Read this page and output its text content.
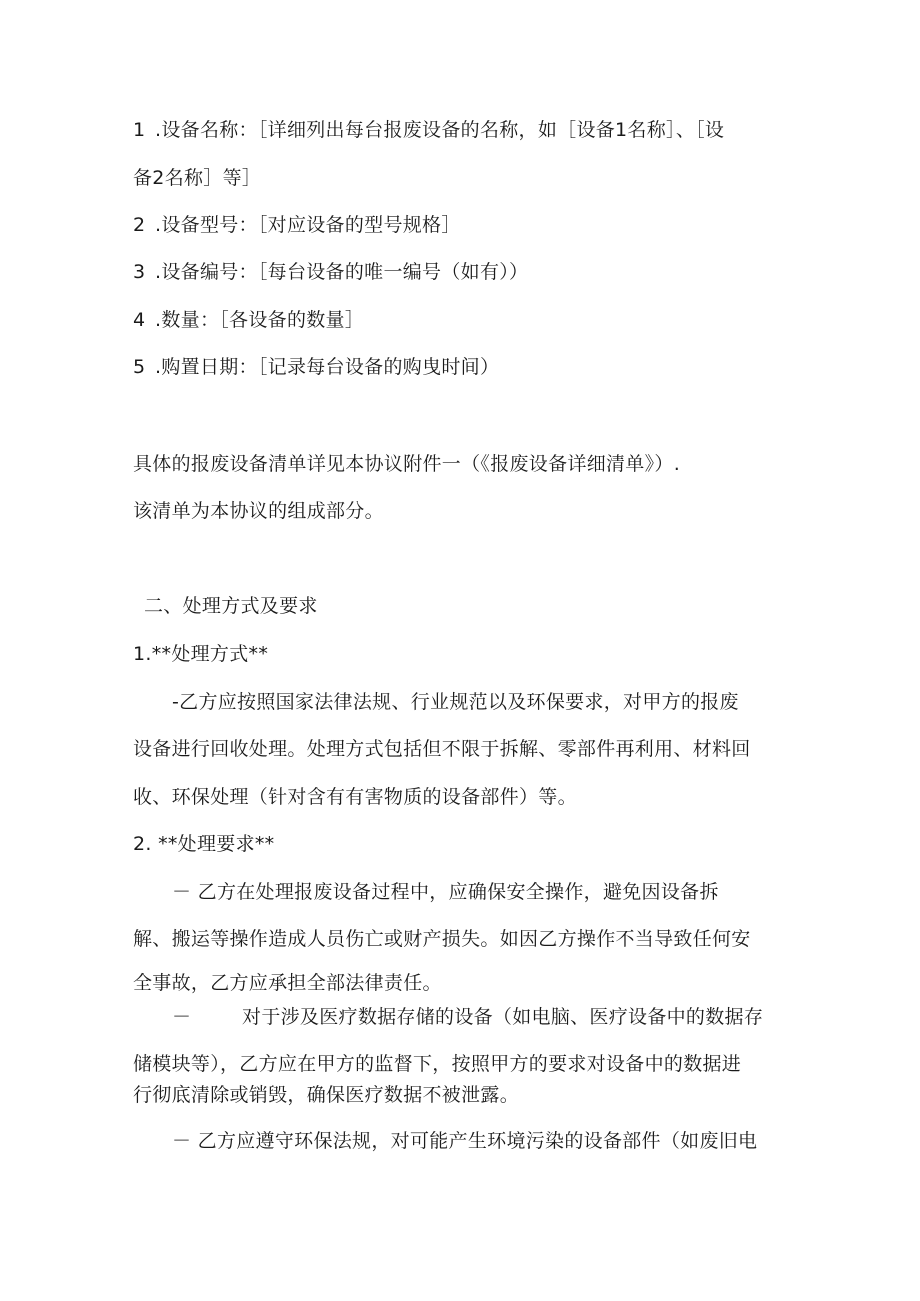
1 .设备名称：［详细列出每台报废设备的名称，如［设备1名称］、［设
备2名称］等］
2 .设备型号：［对应设备的型号规格］
3 .设备编号：［每台设备的唯一编号（如有））
4 .数量：［各设备的数量］
5 .购置日期：［记录每台设备的购曳时间）
具体的报废设备清单详见本协议附件一（《报废设备详细清单》）.
该清单为本协议的组成部分。
二、处理方式及要求
1.**处理方式**
-乙方应按照国家法律法规、行业规范以及环保要求，对甲方的报废
设备进行回收处理。处理方式包括但不限于拆解、零部件再利用、材料回
收、环保处理（针对含有有害物质的设备部件）等。
2. **处理要求**
－ 乙方在处理报废设备过程中，应确保安全操作，避免因设备拆
解、搬运等操作造成人员伤亡或财产损失。如因乙方操作不当导致任何安
全事故，乙方应承担全部法律责任。
－        对于涉及医疗数据存储的设备（如电脑、医疗设备中的数据存
储模块等），乙方应在甲方的监督下，按照甲方的要求对设备中的数据进
行彻底清除或销毁，确保医疗数据不被泄露。
－ 乙方应遵守环保法规，对可能产生环境污染的设备部件（如废旧电
